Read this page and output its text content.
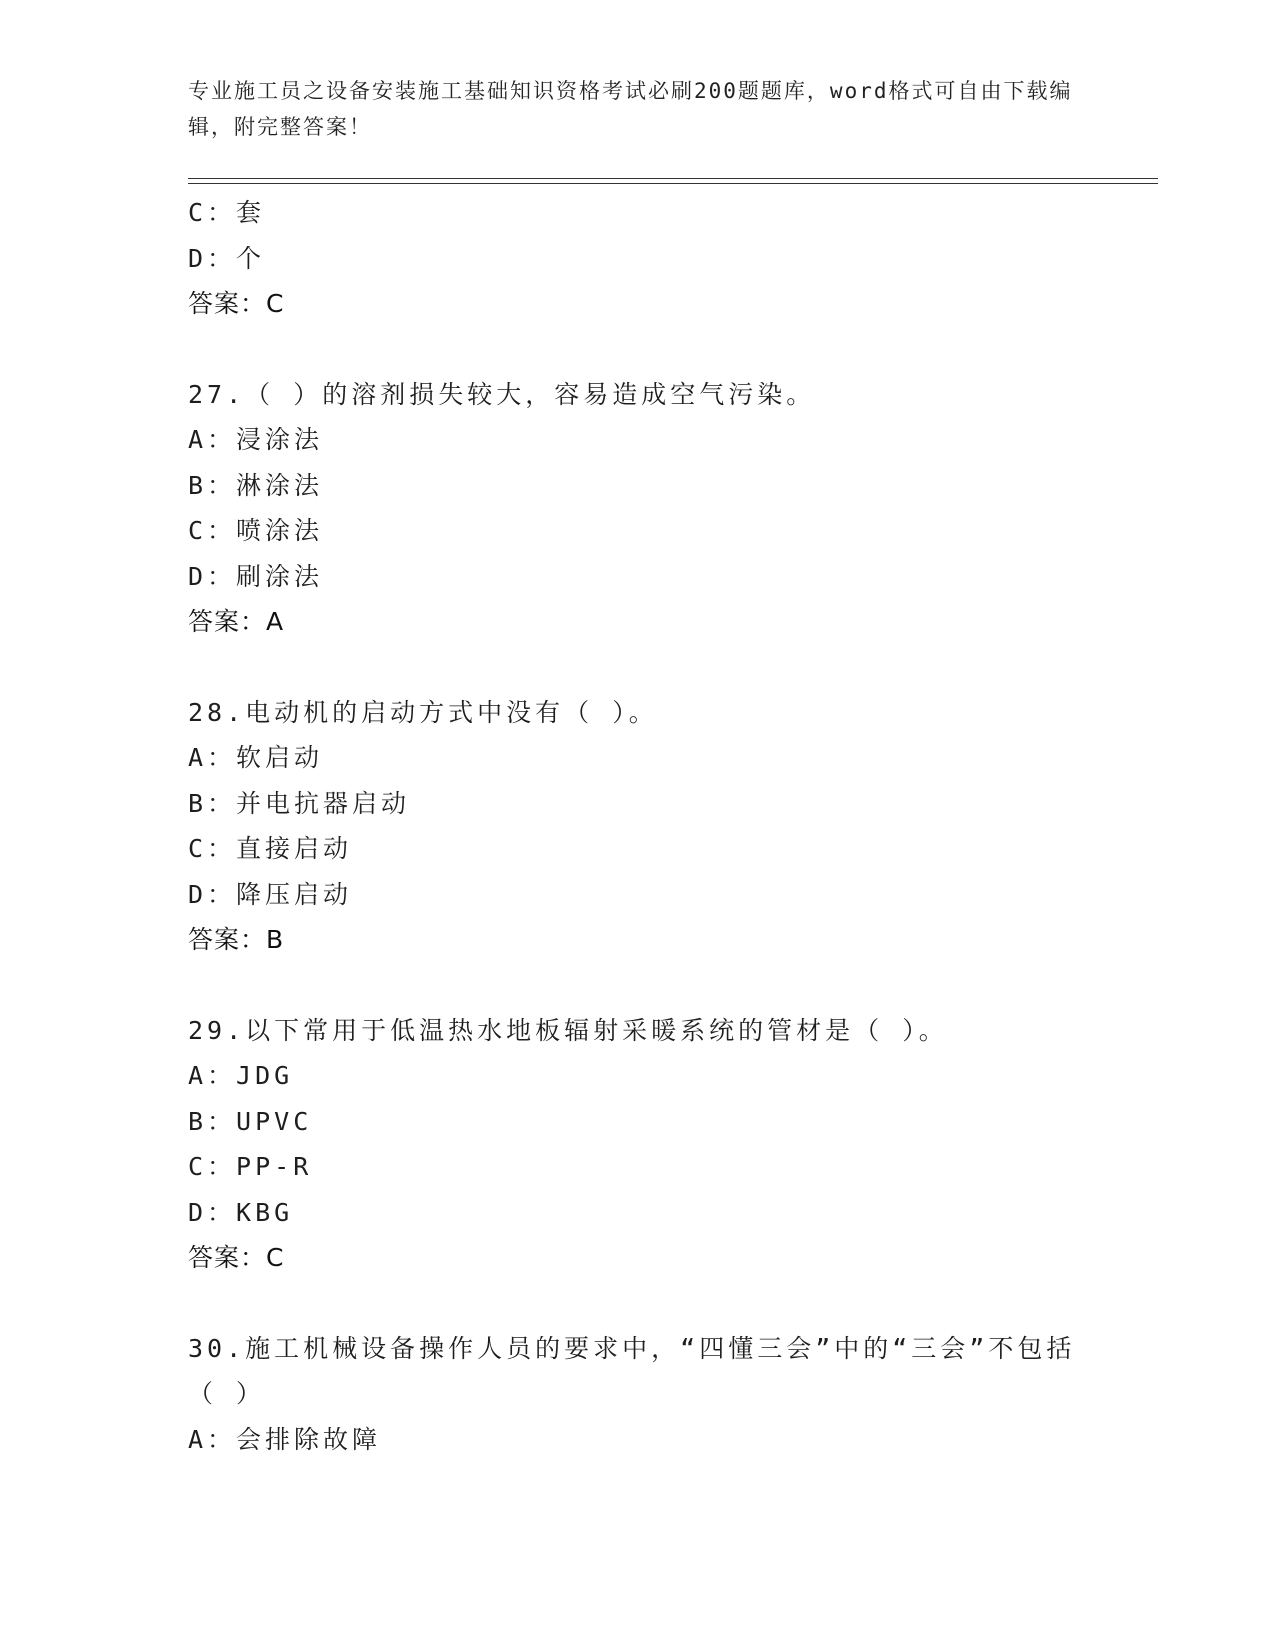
专业施工员之设备安装施工基础知识资格考试必刷200题题库，word格式可自由下载编辑，附完整答案！
C：套
D：个
答案：C
27.（ ）的溶剂损失较大，容易造成空气污染。
A：浸涂法
B：淋涂法
C：喷涂法
D：刷涂法
答案：A
28.电动机的启动方式中没有（ ）。
A：软启动
B：并电抗器启动
C：直接启动
D：降压启动
答案：B
29.以下常用于低温热水地板辐射采暖系统的管材是（ ）。
A：JDG
B：UPVC
C：PP-R
D：KBG
答案：C
30.施工机械设备操作人员的要求中，“四懂三会”中的“三会”不包括（ ）
A：会排除故障
